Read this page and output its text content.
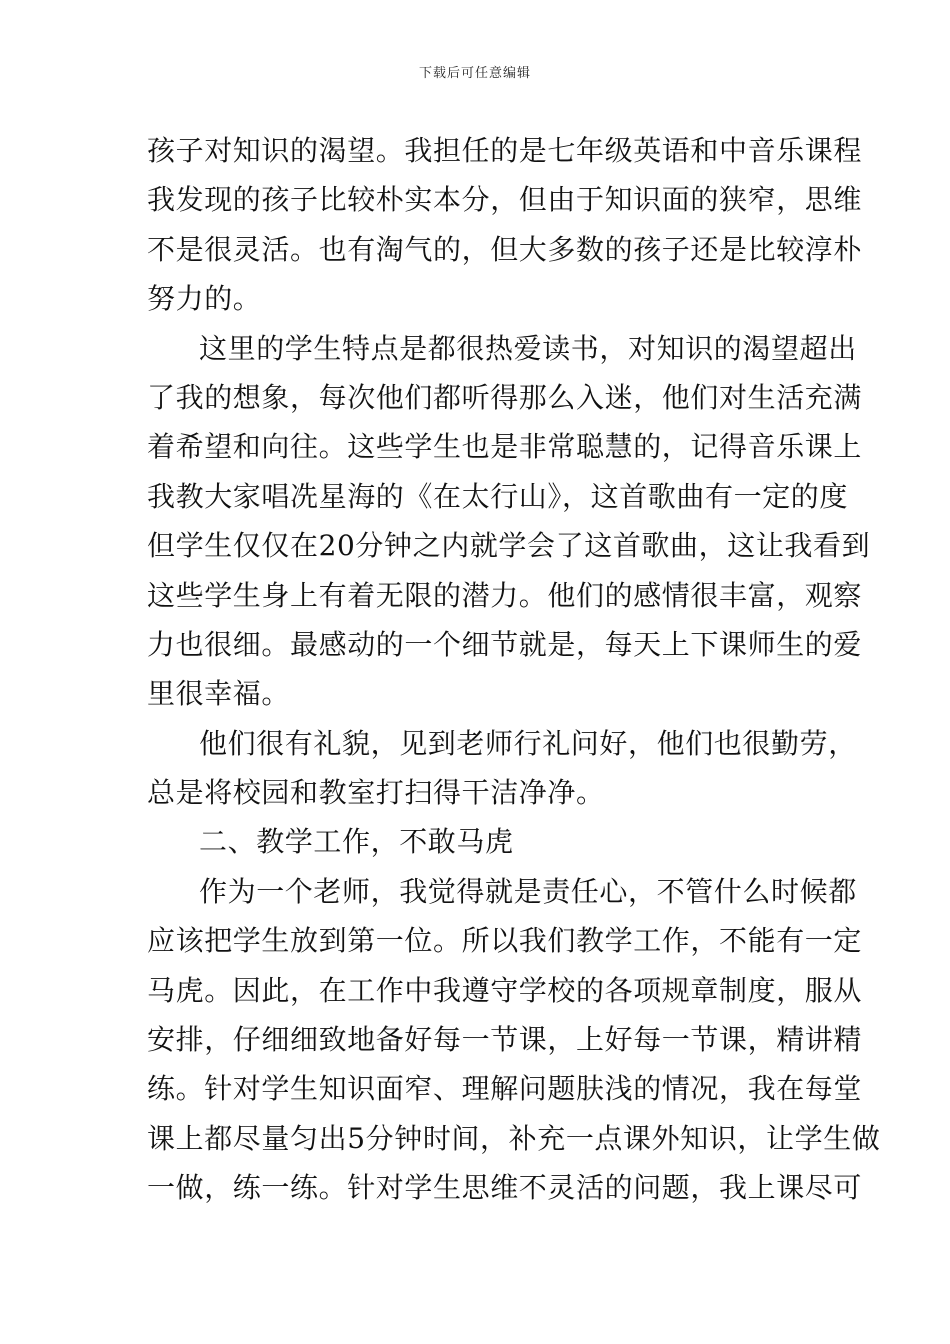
下载后可任意编辑
孩子对知识的渴望。我担任的是七年级英语和中音乐课程
我发现的孩子比较朴实本分，但由于知识面的狭窄，思维
不是很灵活。也有淘气的，但大多数的孩子还是比较淳朴
努力的。
这里的学生特点是都很热爱读书，对知识的渴望超出
了我的想象，每次他们都听得那么入迷，他们对生活充满
着希望和向往。这些学生也是非常聪慧的，记得音乐课上
我教大家唱冼星海的《在太行山》，这首歌曲有一定的度
但学生仅仅在20分钟之内就学会了这首歌曲，这让我看到
这些学生身上有着无限的潜力。他们的感情很丰富，观察
力也很细。最感动的一个细节就是，每天上下课师生的爱
里很幸福。
他们很有礼貌，见到老师行礼问好，他们也很勤劳，
总是将校园和教室打扫得干洁净净。
二、教学工作，不敢马虎
作为一个老师，我觉得就是责任心，不管什么时候都
应该把学生放到第一位。所以我们教学工作，不能有一定
马虎。因此，在工作中我遵守学校的各项规章制度，服从
安排，仔细细致地备好每一节课，上好每一节课，精讲精
练。针对学生知识面窄、理解问题肤浅的情况，我在每堂
课上都尽量匀出5分钟时间，补充一点课外知识，让学生做
一做，练一练。针对学生思维不灵活的问题，我上课尽可
